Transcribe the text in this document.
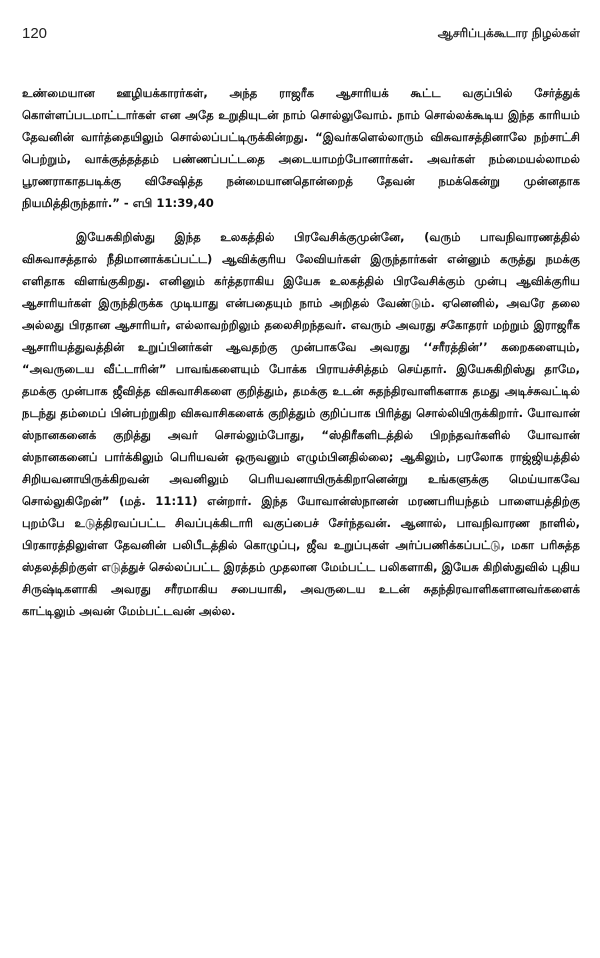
120	ஆசரிப்புக்கூடார நிழல்கள்

உண்மையான ஊழியக்காரர்கள், அந்த ராஜரீக ஆசாரியக் கூட்ட வகுப்பில் சேர்த்துக் கொள்ளப்படமாட்டார்கள் என அதே உறுதியுடன் நாம் சொல்லுவோம். நாம் சொல்லக்கூடிய இந்த காரியம் தேவனின் வார்த்தையிலும் சொல்லப்பட்டிருக்கின்றது. “இவர்களெல்லாரும் விசுவாசத்தினாலே நற்சாட்சி பெற்றும், வாக்குத்தத்தம் பண்ணப்பட்டதை அடையாமற்போனார்கள். அவர்கள் நம்மையல்லாமல் பூரணராகாதபடிக்கு விசேஷித்த நன்மையானதொன்றைத் தேவன் நமக்கென்று முன்னதாக நியமித்திருந்தார்.” - எபி 11:39,40

இயேசுகிறிஸ்து இந்த உலகத்தில் பிரவேசிக்குமுன்னே, (வரும் பாவநிவாரணத்தில் விசுவாசத்தால் நீதிமானாக்கப்பட்ட) ஆவிக்குரிய லேவியர்கள் இருந்தார்கள் என்னும் கருத்து நமக்கு எளிதாக விளங்குகிறது. எனினும் கர்த்தராகிய இயேசு உலகத்தில் பிரவேசிக்கும் முன்பு ஆவிக்குரிய ஆசாரியர்கள் இருந்திருக்க முடியாது என்பதையும் நாம் அறிதல் வேண்டும். ஏனெனில், அவரே தலை அல்லது பிரதான ஆசாரியர், எல்லாவற்றிலும் தலைசிறந்தவர். எவரும் அவரது சகோதரர் மற்றும் இராஜரீக ஆசாரியத்துவத்தின் உறுப்பினர்கள் ஆவதற்கு முன்பாகவே அவரது ‘‘சரீரத்தின்’’ கறைகளையும், “அவருடைய வீட்டாரின்” பாவங்களையும் போக்க பிராயச்சித்தம் செய்தார். இயேசுகிறிஸ்து தாமே, தமக்கு முன்பாக ஜீவித்த விசுவாசிகளை குறித்தும், தமக்கு உடன் சுதந்திரவாளிகளாக தமது அடிச்சுவட்டில் நடந்து தம்மைப் பின்பற்றுகிற விசுவாசிகளைக் குறித்தும் குறிப்பாக பிரித்து சொல்லியிருக்கிறார். யோவான் ஸ்நானகனைக் குறித்து அவர் சொல்லும்போது, “ஸ்திரீகளிடத்தில் பிறந்தவர்களில் யோவான் ஸ்நானகனைப் பார்க்கிலும் பெரியவன் ஒருவனும் எழும்பினதில்லை; ஆகிலும், பரலோக ராஜ்ஜியத்தில் சிறியவனாயிருக்கிறவன் அவனிலும் பெரியவனாயிருக்கிறானென்று உங்களுக்கு மெய்யாகவே சொல்லுகிறேன்” (மத். 11:11) என்றார். இந்த யோவான்ஸ்நானன் மரணபரியந்தம் பாளையத்திற்கு புறம்பே உடுத்திரவப்பட்ட சிவப்புக்கிடாரி வகுப்பைச் சேர்ந்தவன். ஆனால், பாவநிவாரண நாளில், பிரகாரத்திலுள்ள தேவனின் பலிபீடத்தில் கொழுப்பு, ஜீவ உறுப்புகள் அர்ப்பணிக்கப்பட்டு, மகா பரிசுத்த ஸ்தலத்திற்குள் எடுத்துச் செல்லப்பட்ட இரத்தம் முதலான மேம்பட்ட பலிகளாகி, இயேசு கிறிஸ்துவில் புதிய சிருஷ்டிகளாகி அவரது சரீரமாகிய சபையாகி, அவருடைய உடன் சுதந்திரவாளிகளானவர்களைக் காட்டிலும் அவன் மேம்பட்டவன் அல்ல.
